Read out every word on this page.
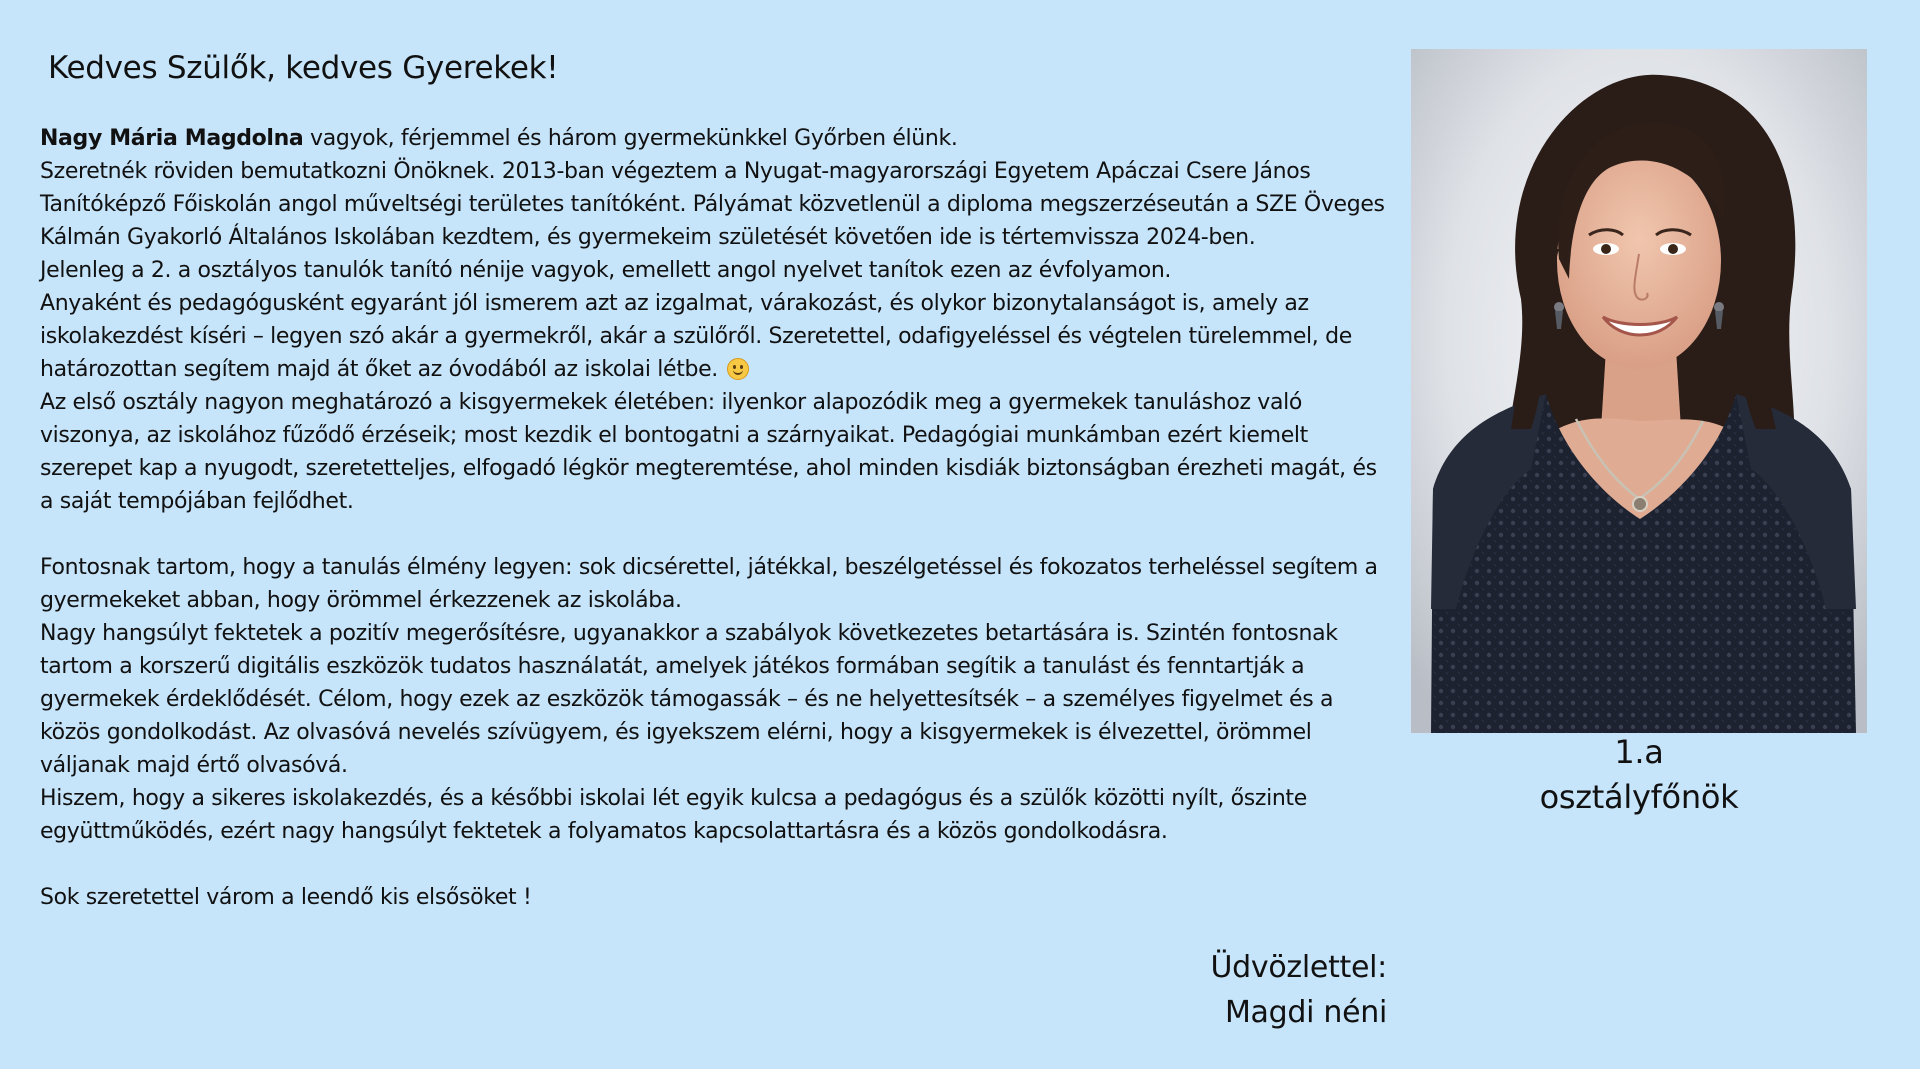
Kedves Szülők, kedves Gyerekek!

Nagy Mária Magdolna vagyok, férjemmel és három gyermekünkkel Győrben élünk.

Szeretnék röviden bemutatkozni Önöknek. 2013-ban végeztem a Nyugat-magyarországi Egyetem Apáczai Csere János Tanítóképző Főiskolán angol műveltségi területes tanítóként. Pályámat közvetlenül a diploma megszerzéseután a SZE Öveges Kálmán Gyakorló Általános Iskolában kezdtem, és gyermekeim születését követően ide is tértemvissza 2024-ben.

Jelenleg a 2. a osztályos tanulók tanító nénije vagyok, emellett angol nyelvet tanítok ezen az évfolyamon.

Anyaként és pedagógusként egyaránt jól ismerem azt az izgalmat, várakozást, és olykor bizonytalanságot is, amely az iskolakezdést kíséri – legyen szó akár a gyermekről, akár a szülőről. Szeretettel, odafigyeléssel és végtelen türelemmel, de határozottan segítem majd át őket az óvodából az iskolai létbe.

Az első osztály nagyon meghatározó a kisgyermekek életében: ilyenkor alapozódik meg a gyermekek tanuláshoz való viszonya, az iskolához fűződő érzéseik; most kezdik el bontogatni a szárnyaikat. Pedagógiai munkámban ezért kiemelt szerepet kap a nyugodt, szeretetteljes, elfogadó légkör megteremtése, ahol minden kisdiák biztonságban érezheti magát, és a saját tempójában fejlődhet.

Fontosnak tartom, hogy a tanulás élmény legyen: sok dicsérettel, játékkal, beszélgetéssel és fokozatos terheléssel segítem a gyermekeket abban, hogy örömmel érkezzenek az iskolába.

Nagy hangsúlyt fektetek a pozitív megerősítésre, ugyanakkor a szabályok következetes betartására is. Szintén fontosnak tartom a korszerű digitális eszközök tudatos használatát, amelyek játékos formában segítik a tanulást és fenntartják a gyermekek érdeklődését. Célom, hogy ezek az eszközök támogassák – és ne helyettesítsék – a személyes figyelmet és a közös gondolkodást. Az olvasóvá nevelés szívügyem, és igyekszem elérni, hogy a kisgyermekek is élvezettel, örömmel váljanak majd értő olvasóvá.

Hiszem, hogy a sikeres iskolakezdés, és a későbbi iskolai lét egyik kulcsa a pedagógus és a szülők közötti nyílt, őszinte együttműködés, ezért nagy hangsúlyt fektetek a folyamatos kapcsolattartásra és a közös gondolkodásra.

Sok szeretettel várom a leendő kis elsősöket !

Üdvözlettel:
Magdi néni
1.a
osztályfőnök
